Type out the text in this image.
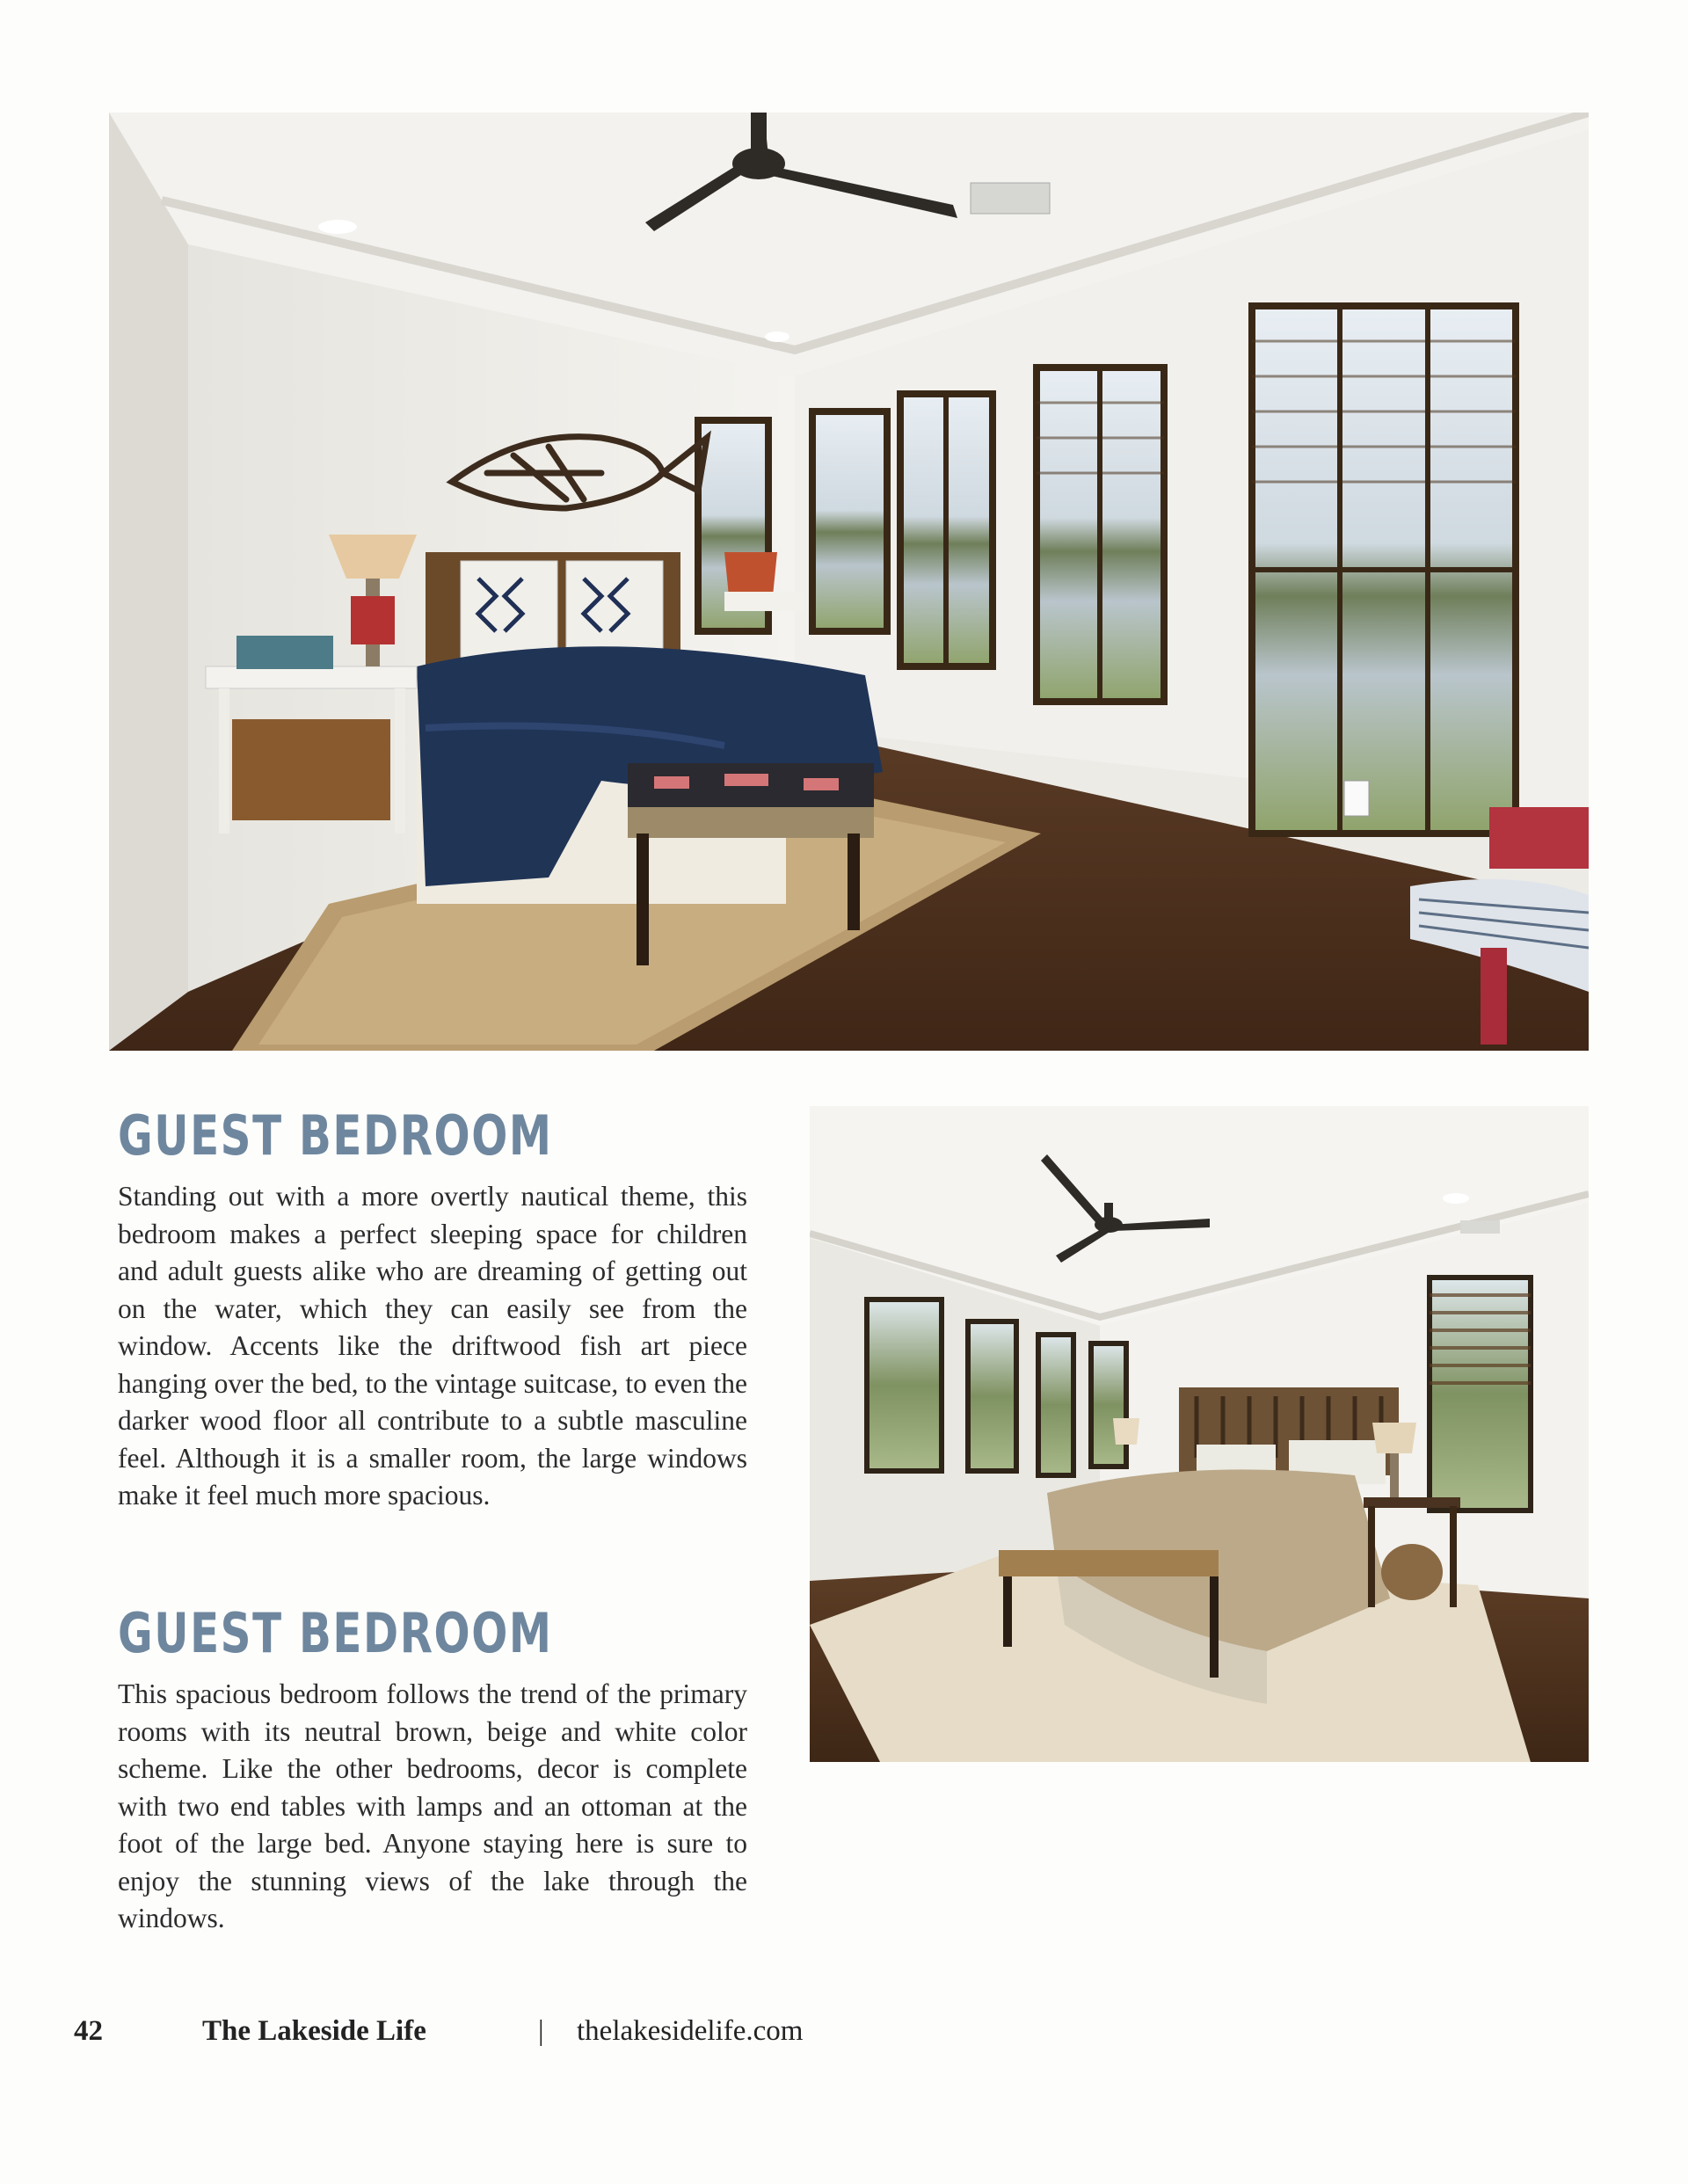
GUEST BEDROOM

Standing out with a more overtly nautical theme, this bedroom makes a perfect sleeping space for children and adult guests alike who are dreaming of getting out on the water, which they can easily see from the window. Accents like the driftwood fish art piece hanging over the bed, to the vintage suitcase, to even the darker wood floor all contribute to a subtle masculine feel. Although it is a smaller room, the large windows make it feel much more spacious.

GUEST BEDROOM

This spacious bedroom follows the trend of the primary rooms with its neutral brown, beige and white color scheme. Like the other bedrooms, decor is complete with two end tables with lamps and an ottoman at the foot of the large bed. Anyone staying here is sure to enjoy the stunning views of the lake through the windows.

42	The Lakeside Life	| thelakesidelife.com
